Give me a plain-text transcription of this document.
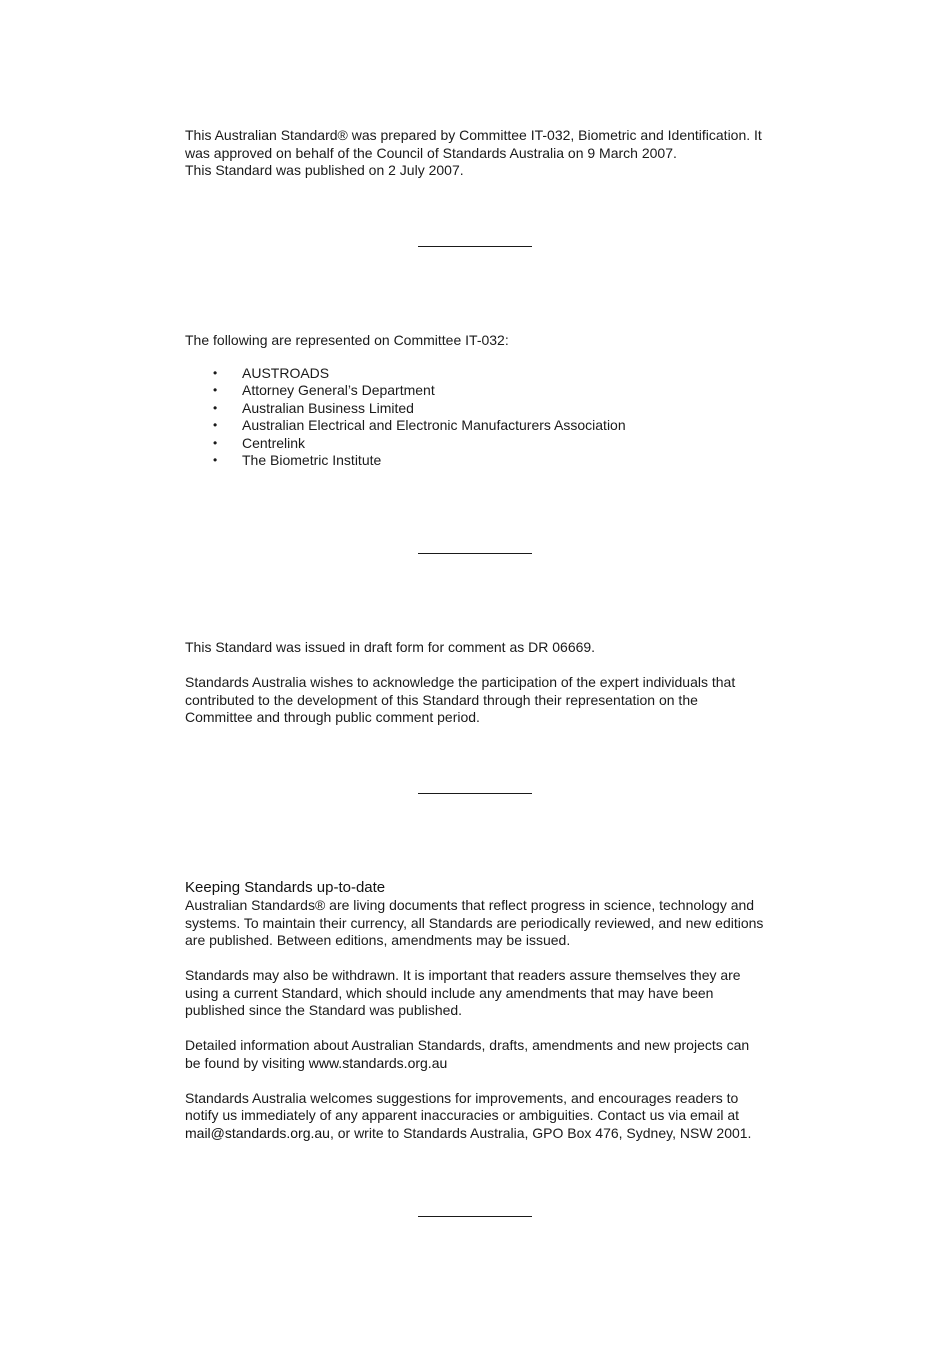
This Australian Standard® was prepared by Committee IT-032, Biometric and Identification. It
was approved on behalf of the Council of Standards Australia on 9 March 2007.
This Standard was published on 2 July 2007.
The following are represented on Committee IT-032:
• AUSTROADS
• Attorney General’s Department
• Australian Business Limited
• Australian Electrical and Electronic Manufacturers Association
• Centrelink
• The Biometric Institute
This Standard was issued in draft form for comment as DR 06669.
Standards Australia wishes to acknowledge the participation of the expert individuals that
contributed to the development of this Standard through their representation on the
Committee and through public comment period.
Keeping Standards up-to-date
Australian Standards® are living documents that reflect progress in science, technology and
systems. To maintain their currency, all Standards are periodically reviewed, and new editions
are published. Between editions, amendments may be issued.
Standards may also be withdrawn. It is important that readers assure themselves they are
using a current Standard, which should include any amendments that may have been
published since the Standard was published.
Detailed information about Australian Standards, drafts, amendments and new projects can
be found by visiting www.standards.org.au
Standards Australia welcomes suggestions for improvements, and encourages readers to
notify us immediately of any apparent inaccuracies or ambiguities. Contact us via email at
mail@standards.org.au, or write to Standards Australia, GPO Box 476, Sydney, NSW 2001.
